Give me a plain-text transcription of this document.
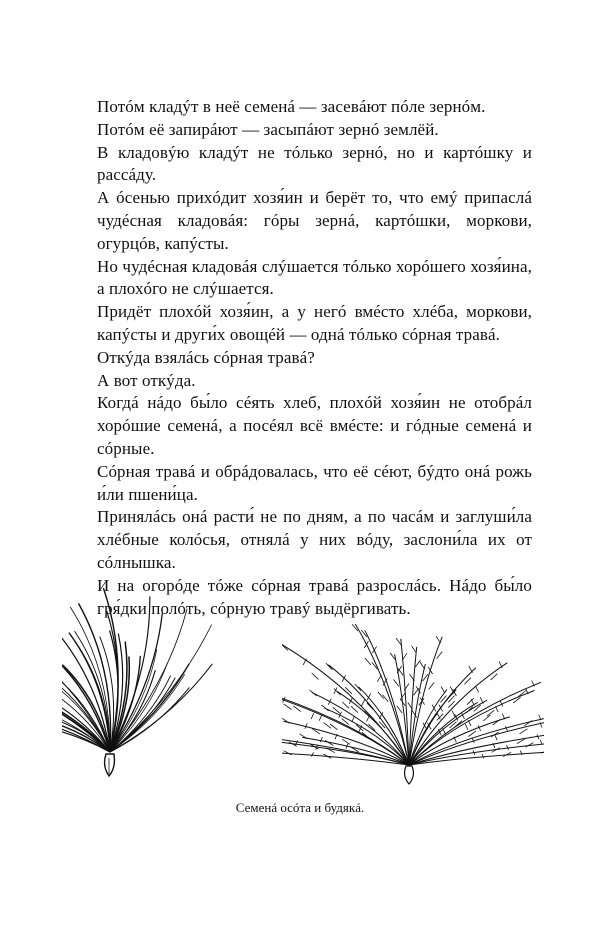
Потóм кладýт в неё семенá — засевáют пóле зернóм.

Потóм её запирáют — засыпáют зернó землёй.

В кладовýю кладýт не тóлько зернó, но и картóшку и рассáду.

А óсенью прихóдит хозя́ин и берёт то, что емý припаслá чудéсная кладовáя: гóры зернá, картóшки, моркови, огурцóв, капýсты.

Но чудéсная кладовáя слýшается тóлько хорóшего хозя́ина, а плохóго не слýшается.

Придёт плохóй хозя́ин, а у негó вмéсто хлéба, моркови, капýсты и други́х овощéй — однá тóлько сóрная травá.

Откýда взялáсь сóрная травá?

А вот откýда.

Когдá нáдо бы́ло сéять хлеб, плохóй хозя́ин не отобрáл хорóшие семенá, а посéял всё вмéсте: и гóдные семенá и сóрные.

Сóрная травá и обрáдовалась, что её сéют, бýдто онá рожь и́ли пшени́ца.

Принялáсь онá расти́ не по дням, а по часáм и заглуши́ла хлéбные колóсья, отнялá у них вóду, заслони́ла их от сóлнышка.

И на огорóде тóже сóрная травá разрослáсь. Нáдо бы́ло гря́дки полóть, сóрную травý выдёргивать.

Семенá осóта и будякá.
